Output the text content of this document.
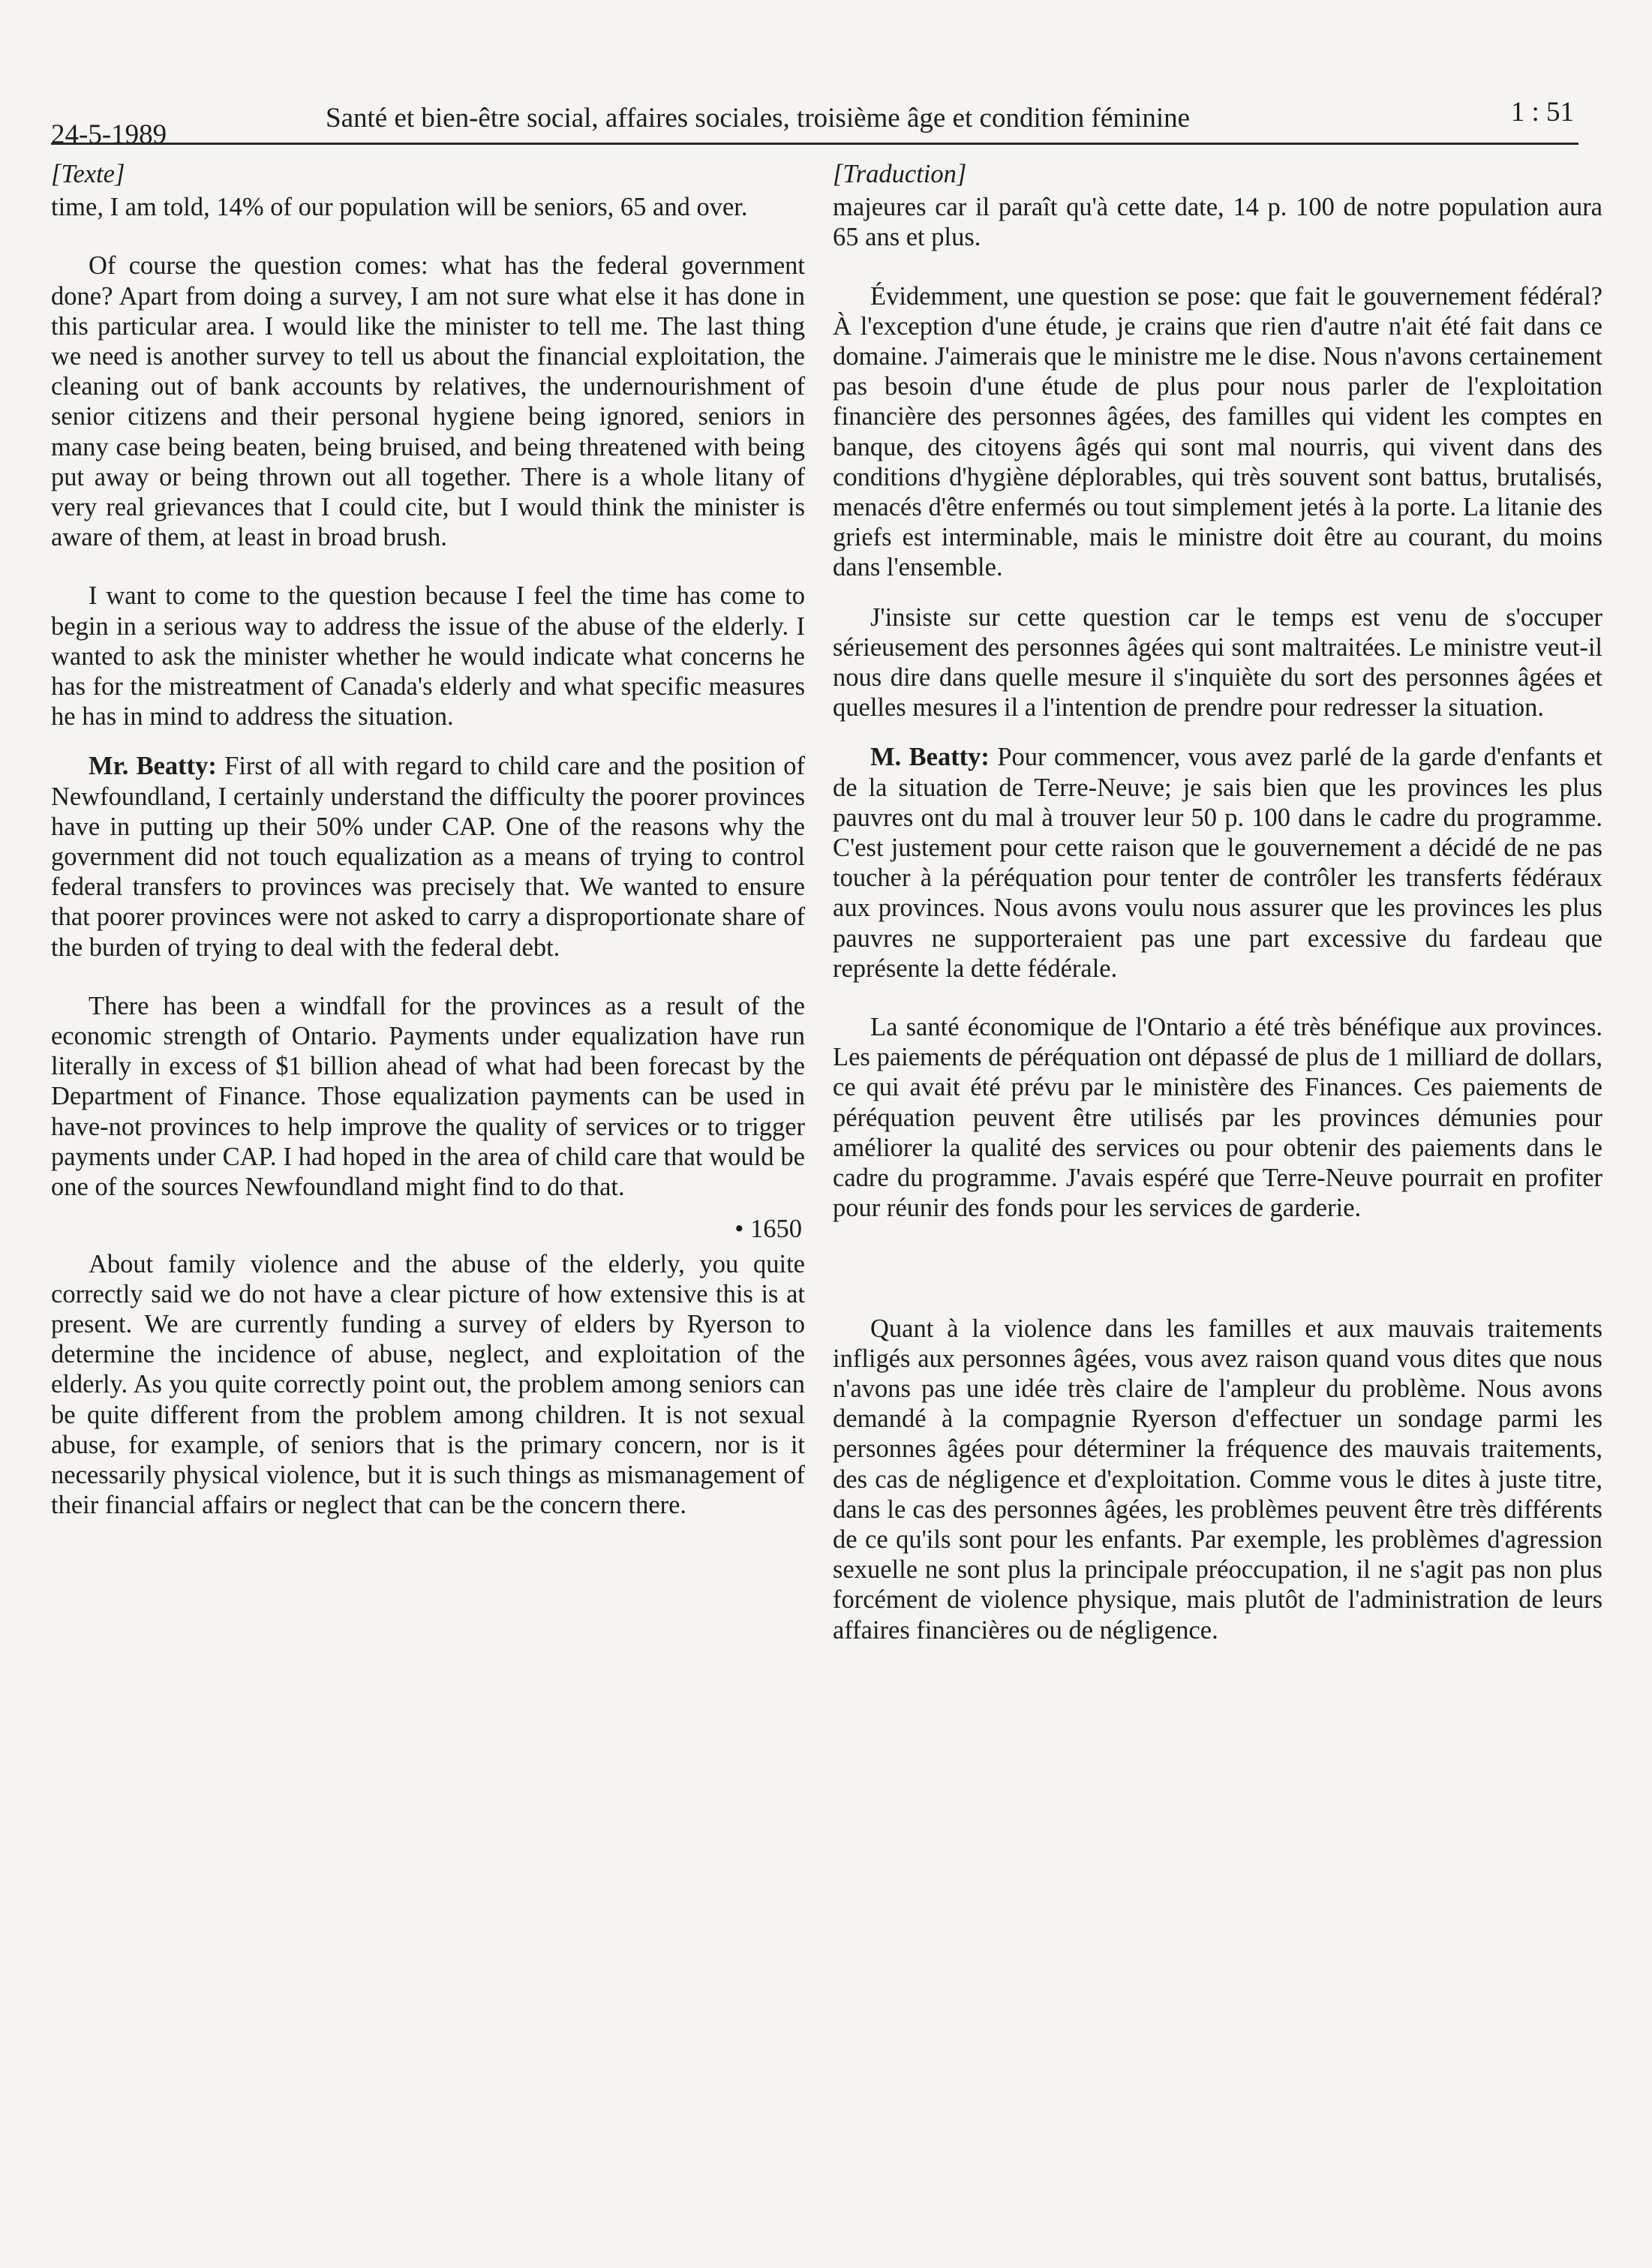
24-5-1989
Santé et bien-être social, affaires sociales, troisième âge et condition féminine	1 : 51
[Texte]

time, I am told, 14% of our population will be seniors, 65 and over.

Of course the question comes: what has the federal government done? Apart from doing a survey, I am not sure what else it has done in this particular area. I would like the minister to tell me. The last thing we need is another survey to tell us about the financial exploitation, the cleaning out of bank accounts by relatives, the undernourishment of senior citizens and their personal hygiene being ignored, seniors in many case being beaten, being bruised, and being threatened with being put away or being thrown out all together. There is a whole litany of very real grievances that I could cite, but I would think the minister is aware of them, at least in broad brush.

I want to come to the question because I feel the time has come to begin in a serious way to address the issue of the abuse of the elderly. I wanted to ask the minister whether he would indicate what concerns he has for the mistreatment of Canada's elderly and what specific measures he has in mind to address the situation.

Mr. Beatty: First of all with regard to child care and the position of Newfoundland, I certainly understand the difficulty the poorer provinces have in putting up their 50% under CAP. One of the reasons why the government did not touch equalization as a means of trying to control federal transfers to provinces was precisely that. We wanted to ensure that poorer provinces were not asked to carry a disproportionate share of the burden of trying to deal with the federal debt.

There has been a windfall for the provinces as a result of the economic strength of Ontario. Payments under equalization have run literally in excess of $1 billion ahead of what had been forecast by the Department of Finance. Those equalization payments can be used in have-not provinces to help improve the quality of services or to trigger payments under CAP. I had hoped in the area of child care that would be one of the sources Newfoundland might find to do that.

• 1650

About family violence and the abuse of the elderly, you quite correctly said we do not have a clear picture of how extensive this is at present. We are currently funding a survey of elders by Ryerson to determine the incidence of abuse, neglect, and exploitation of the elderly. As you quite correctly point out, the problem among seniors can be quite different from the problem among children. It is not sexual abuse, for example, of seniors that is the primary concern, nor is it necessarily physical violence, but it is such things as mismanagement of their financial affairs or neglect that can be the concern there.

[Traduction]

majeures car il paraît qu'à cette date, 14 p. 100 de notre population aura 65 ans et plus.

Évidemment, une question se pose: que fait le gouvernement fédéral? À l'exception d'une étude, je crains que rien d'autre n'ait été fait dans ce domaine. J'aimerais que le ministre me le dise. Nous n'avons certainement pas besoin d'une étude de plus pour nous parler de l'exploitation financière des personnes âgées, des familles qui vident les comptes en banque, des citoyens âgés qui sont mal nourris, qui vivent dans des conditions d'hygiène déplorables, qui très souvent sont battus, brutalisés, menacés d'être enfermés ou tout simplement jetés à la porte. La litanie des griefs est interminable, mais le ministre doit être au courant, du moins dans l'ensemble.

J'insiste sur cette question car le temps est venu de s'occuper sérieusement des personnes âgées qui sont maltraitées. Le ministre veut-il nous dire dans quelle mesure il s'inquiète du sort des personnes âgées et quelles mesures il a l'intention de prendre pour redresser la situation.

M. Beatty: Pour commencer, vous avez parlé de la garde d'enfants et de la situation de Terre-Neuve; je sais bien que les provinces les plus pauvres ont du mal à trouver leur 50 p. 100 dans le cadre du programme. C'est justement pour cette raison que le gouvernement a décidé de ne pas toucher à la péréquation pour tenter de contrôler les transferts fédéraux aux provinces. Nous avons voulu nous assurer que les provinces les plus pauvres ne supporteraient pas une part excessive du fardeau que représente la dette fédérale.

La santé économique de l'Ontario a été très bénéfique aux provinces. Les paiements de péréquation ont dépassé de plus de 1 milliard de dollars, ce qui avait été prévu par le ministère des Finances. Ces paiements de péréquation peuvent être utilisés par les provinces démunies pour améliorer la qualité des services ou pour obtenir des paiements dans le cadre du programme. J'avais espéré que Terre-Neuve pourrait en profiter pour réunir des fonds pour les services de garderie.

Quant à la violence dans les familles et aux mauvais traitements infligés aux personnes âgées, vous avez raison quand vous dites que nous n'avons pas une idée très claire de l'ampleur du problème. Nous avons demandé à la compagnie Ryerson d'effectuer un sondage parmi les personnes âgées pour déterminer la fréquence des mauvais traitements, des cas de négligence et d'exploitation. Comme vous le dites à juste titre, dans le cas des personnes âgées, les problèmes peuvent être très différents de ce qu'ils sont pour les enfants. Par exemple, les problèmes d'agression sexuelle ne sont plus la principale préoccupation, il ne s'agit pas non plus forcément de violence physique, mais plutôt de l'administration de leurs affaires financières ou de négligence.
